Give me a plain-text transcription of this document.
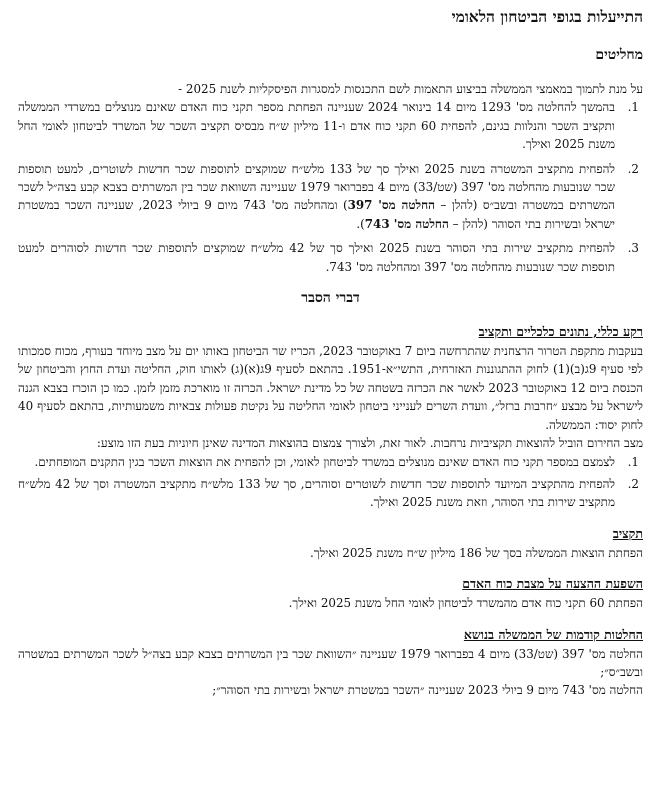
התייעלות בגופי הביטחון הלאומי
מחליטים

על מנת לתמוך במאמצי הממשלה בביצוע התאמות לשם התכנסות למסגרות הפיסקליות לשנת 2025 -

1.
בהמשך להחלטה מס' 1293 מיום 14 בינואר 2024 שעניינה הפחתת מספר תקני כוח האדם שאינם מנוצלים במשרדי הממשלה ותקציב השכר והנלוות בגינם, להפחית 60 תקני כוח אדם ו-11 מיליון ש״ח מבסיס תקציב השכר של המשרד לביטחון לאומי החל משנת 2025 ואילך.
2.
להפחית מתקציב המשטרה בשנת 2025 ואילך סך של 133 מלש״ח שמוקצים לתוספות שכר חדשות לשוטרים, למעט תוספות שכר שנובעות מהחלטה מס' 397 (שט/33) מיום 4 בפברואר 1979 שעניינה השוואת שכר בין המשרתים בצבא קבע בצה״ל לשכר המשרתים במשטרה ובשב״ס (להלן – החלטה מס' 397) ומהחלטה מס' 743 מיום 9 ביולי 2023, שעניינה השכר במשטרת ישראל ובשירות בתי הסוהר (להלן – החלטה מס' 743).
3.
להפחית מתקציב שירות בתי הסוהר בשנת 2025 ואילך סך של 42 מלש״ח שמוקצים לתוספות שכר חדשות לסוהרים למעט תוספות שכר שנובעות מהחלטה מס' 397 ומהחלטה מס' 743.
דברי הסבר
רקע כללי, נתונים כלכליים ותקציב

בעקבות מתקפת הטרור הרצחנית שהתרחשה ביום 7 באוקטובר 2023, הכריז שר הביטחון באותו יום על מצב מיוחד בעורף, מכוח סמכותו לפי סעיף 9ג(ב)(1) לחוק ההתגוננות האזרחית, התשי״א-1951. בהתאם לסעיף 9ג(א)(ג) לאותו חוק, החליטה ועדת החוץ והביטחון של הכנסת ביום 12 באוקטובר 2023 לאשר את הכרזה בשטחה של כל מדינת ישראל. הכרזה זו מוארכת מזמן לזמן. כמו כן הוכרז בצבא הגנה לישראל על מבצע ״חרבות ברזל״, וועדת השרים לענייני ביטחון לאומי החליטה על נקיטת פעולות צבאיות משמעותיות, בהתאם לסעיף 40 לחוק יסוד: הממשלה.

מצב החירום הוביל להוצאות תקציביות נרחבות. לאור זאת, ולצורך צמצום בהוצאות המדינה שאינן חיוניות בעת הזו מוצע:

1.
לצמצם במספר תקני כוח האדם שאינם מנוצלים במשרד לביטחון לאומי, וכן להפחית את הוצאות השכר בגין התקנים המופחתים.
2.
להפחית מהתקציב המיועד לתוספות שכר חדשות לשוטרים וסוהרים, סך של 133 מלש״ח מתקציב המשטרה וסך של 42 מלש״ח מתקציב שירות בתי הסוהר, וזאת משנת 2025 ואילך.
תקציב

הפחתת הוצאות הממשלה בסך של 186 מיליון ש״ח משנת 2025 ואילך.

השפעת ההצעה על מצבת כוח האדם

הפחתת 60 תקני כוח אדם מהמשרד לביטחון לאומי החל משנת 2025 ואילך.

החלטות קודמות של הממשלה בנושא

החלטה מס' 397 (שט/33) מיום 4 בפברואר 1979 שעניינה ״השוואת שכר בין המשרתים בצבא קבע בצה״ל לשכר המשרתים במשטרה ובשב״ס״;

החלטה מס' 743 מיום 9 ביולי 2023 שעניינה ״השכר במשטרת ישראל ובשירות בתי הסוהר״;
